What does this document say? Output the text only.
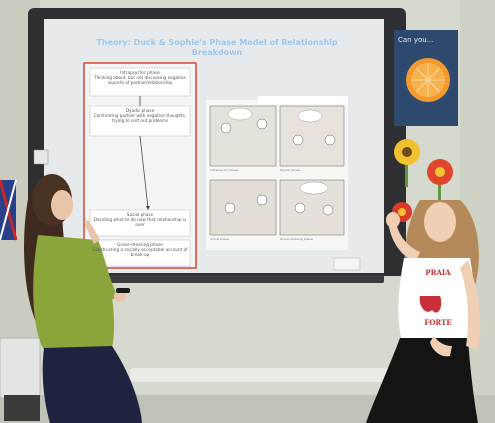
Theory: Duck & Sophie's Phase Model of Relationship Breakdown
Intrapsychic phase
Thinking about, but not discussing negative aspects of partner/relationship
Dyadic phase
Confronting partner with negative thoughts, trying to sort out problems
Social phase
Deciding what to do now that relationship is over
Grave-dressing phase
Constructing a socially acceptable account of break-up
Intrapsychic phase	Dyadic phase
Social phase	Grave-dressing phase
Can you...
PRAIA
FORTE
